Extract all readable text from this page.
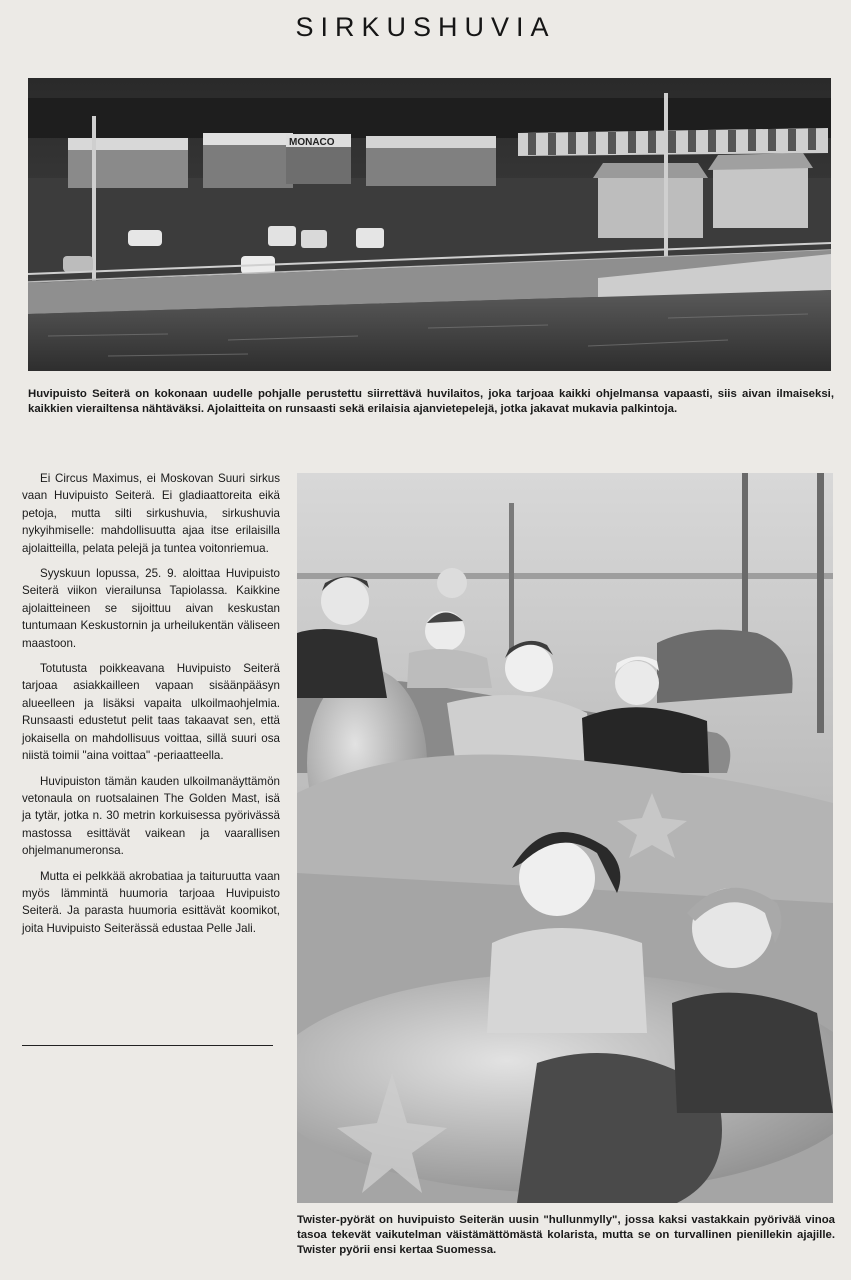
SIRKUSHUVIA
MONACO
Huvipuisto Seiterä on kokonaan uudelle pohjalle perustettu siirrettävä huvilaitos, joka tarjoaa kaikki ohjelmansa vapaasti, siis aivan ilmaiseksi, kaikkien vierailtensa nähtäväksi. Ajolaitteita on runsaasti sekä erilaisia ajanvietepelejä, jotka jakavat mukavia palkintoja.

Ei Circus Maximus, ei Moskovan Suuri sirkus vaan Huvipuisto Seiterä. Ei gladiaattoreita eikä petoja, mutta silti sirkushuvia, sirkushuvia nykyihmiselle: mahdollisuutta ajaa itse erilaisilla ajolaitteilla, pelata pelejä ja tuntea voitonriemua.

Syyskuun lopussa, 25. 9. aloittaa Huvipuisto Seiterä viikon vierailunsa Tapiolassa. Kaikkine ajolaitteineen se sijoittuu aivan keskustan tuntumaan Keskustornin ja urheilukentän väliseen maastoon.

Totutusta poikkeavana Huvipuisto Seiterä tarjoaa asiakkailleen vapaan sisäänpääsyn alueelleen ja lisäksi vapaita ulkoilmaohjelmia. Runsaasti edustetut pelit taas takaavat sen, että jokaisella on mahdollisuus voittaa, sillä suuri osa niistä toimii "aina voittaa" -periaatteella.

Huvipuiston tämän kauden ulkoilmanäyttämön vetonaula on ruotsalainen The Golden Mast, isä ja tytär, jotka n. 30 metrin korkuisessa pyörivässä mastossa esittävät vaikean ja vaarallisen ohjelmanumeronsa.

Mutta ei pelkkää akrobatiaa ja taituruutta vaan myös lämmintä huumoria tarjoaa Huvipuisto Seiterä. Ja parasta huumoria esittävät koomikot, joita Huvipuisto Seiterässä edustaa Pelle Jali.

Twister-pyörät on huvipuisto Seiterän uusin "hullunmylly", jossa kaksi vastakkain pyörivää vinoa tasoa tekevät vaikutelman väistämättömästä kolarista, mutta se on turvallinen pienillekin ajajille. Twister pyörii ensi kertaa Suomessa.
